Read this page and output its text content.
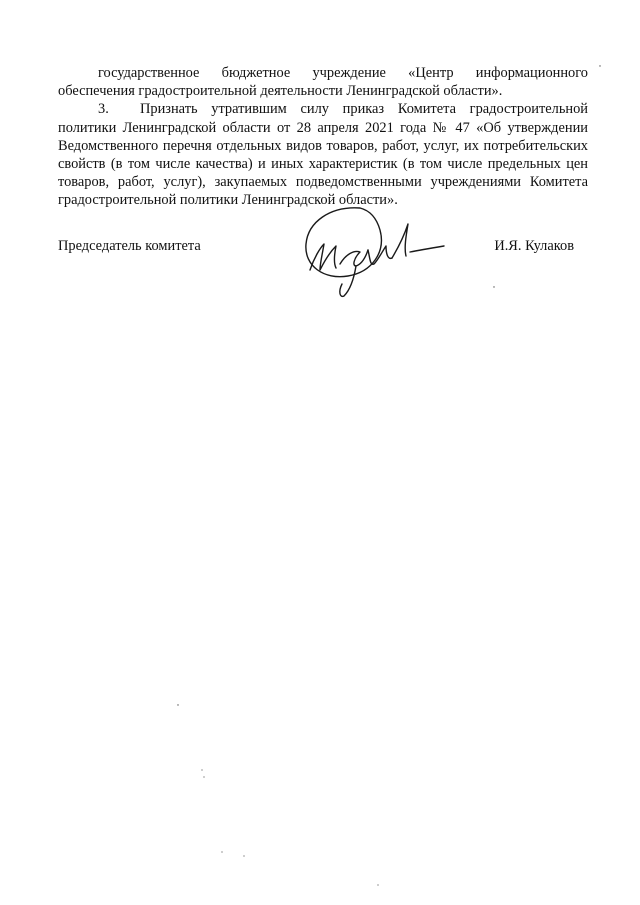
государственное бюджетное учреждение «Центр информационного обеспечения градостроительной деятельности Ленинградской области».

3. Признать утратившим силу приказ Комитета градостроительной политики Ленинградской области от 28 апреля 2021 года № 47 «Об утверждении Ведомственного перечня отдельных видов товаров, работ, услуг, их потребительских свойств (в том числе качества) и иных характеристик (в том числе предельных цен товаров, работ, услуг), закупаемых подведомственными учреждениями Комитета градостроительной политики Ленинградской области».

Председатель комитета	И.Я. Кулаков
